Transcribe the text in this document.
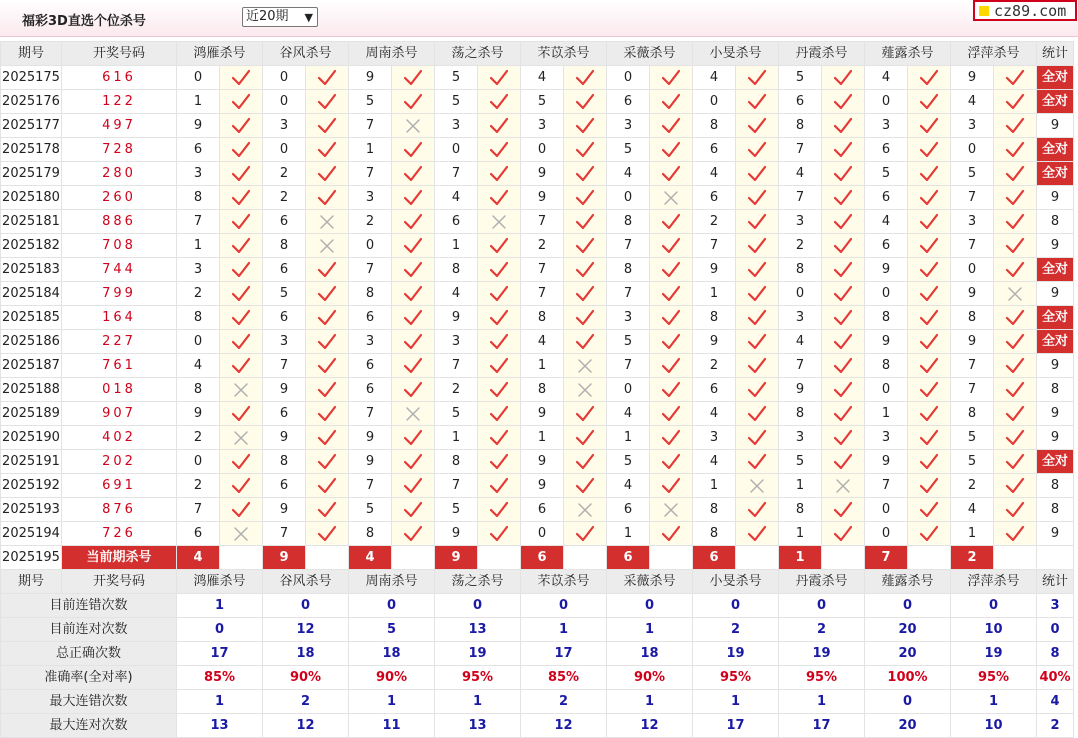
福彩3D直选个位杀号	近20期 ▼	cz89.com
期号	开奖号码	鸿雁杀号		谷风杀号		周南杀号		荡之杀号		芣苡杀号		采薇杀号		小旻杀号		丹霞杀号		薤露杀号		浮萍杀号		统计
2025175	616	0		0		9		5		4		0		4		5		4		9		全对
2025176	122	1		0		5		5		5		6		0		6		0		4		全对
2025177	497	9		3		7		3		3		3		8		8		3		3		9
2025178	728	6		0		1		0		0		5		6		7		6		0		全对
2025179	280	3		2		7		7		9		4		4		4		5		5		全对
2025180	260	8		2		3		4		9		0		6		7		6		7		9
2025181	886	7		6		2		6		7		8		2		3		4		3		8
2025182	708	1		8		0		1		2		7		7		2		6		7		9
2025183	744	3		6		7		8		7		8		9		8		9		0		全对
2025184	799	2		5		8		4		7		7		1		0		0		9		9
2025185	164	8		6		6		9		8		3		8		3		8		8		全对
2025186	227	0		3		3		3		4		5		9		4		9		9		全对
2025187	761	4		7		6		7		1		7		2		7		8		7		9
2025188	018	8		9		6		2		8		0		6		9		0		7		8
2025189	907	9		6		7		5		9		4		4		8		1		8		9
2025190	402	2		9		9		1		1		1		3		3		3		5		9
2025191	202	0		8		9		8		9		5		4		5		9		5		全对
2025192	691	2		6		7		7		9		4		1		1		7		2		8
2025193	876	7		9		5		5		6		6		8		8		0		4		8
2025194	726	6		7		8		9		0		1		8		1		0		1		9
2025195	当前期杀号	4		9		4		9		6		6		6		1		7		2		
期号	开奖号码	鸿雁杀号		谷风杀号		周南杀号		荡之杀号		芣苡杀号		采薇杀号		小旻杀号		丹霞杀号		薤露杀号		浮萍杀号		统计
目前连错次数		1		0		0		0		0		0		0		0		0		0		3
目前连对次数		0		12		5		13		1		1		2		2		20		10		0
总正确次数		17		18		18		19		17		18		19		19		20		19		8
准确率(全对率)		85%		90%		90%		95%		85%		90%		95%		95%		100%		95%		40%
最大连错次数		1		2		1		1		2		1		1		1		0		1		4
最大连对次数		13		12		11		13		12		12		17		17		20		10		2
